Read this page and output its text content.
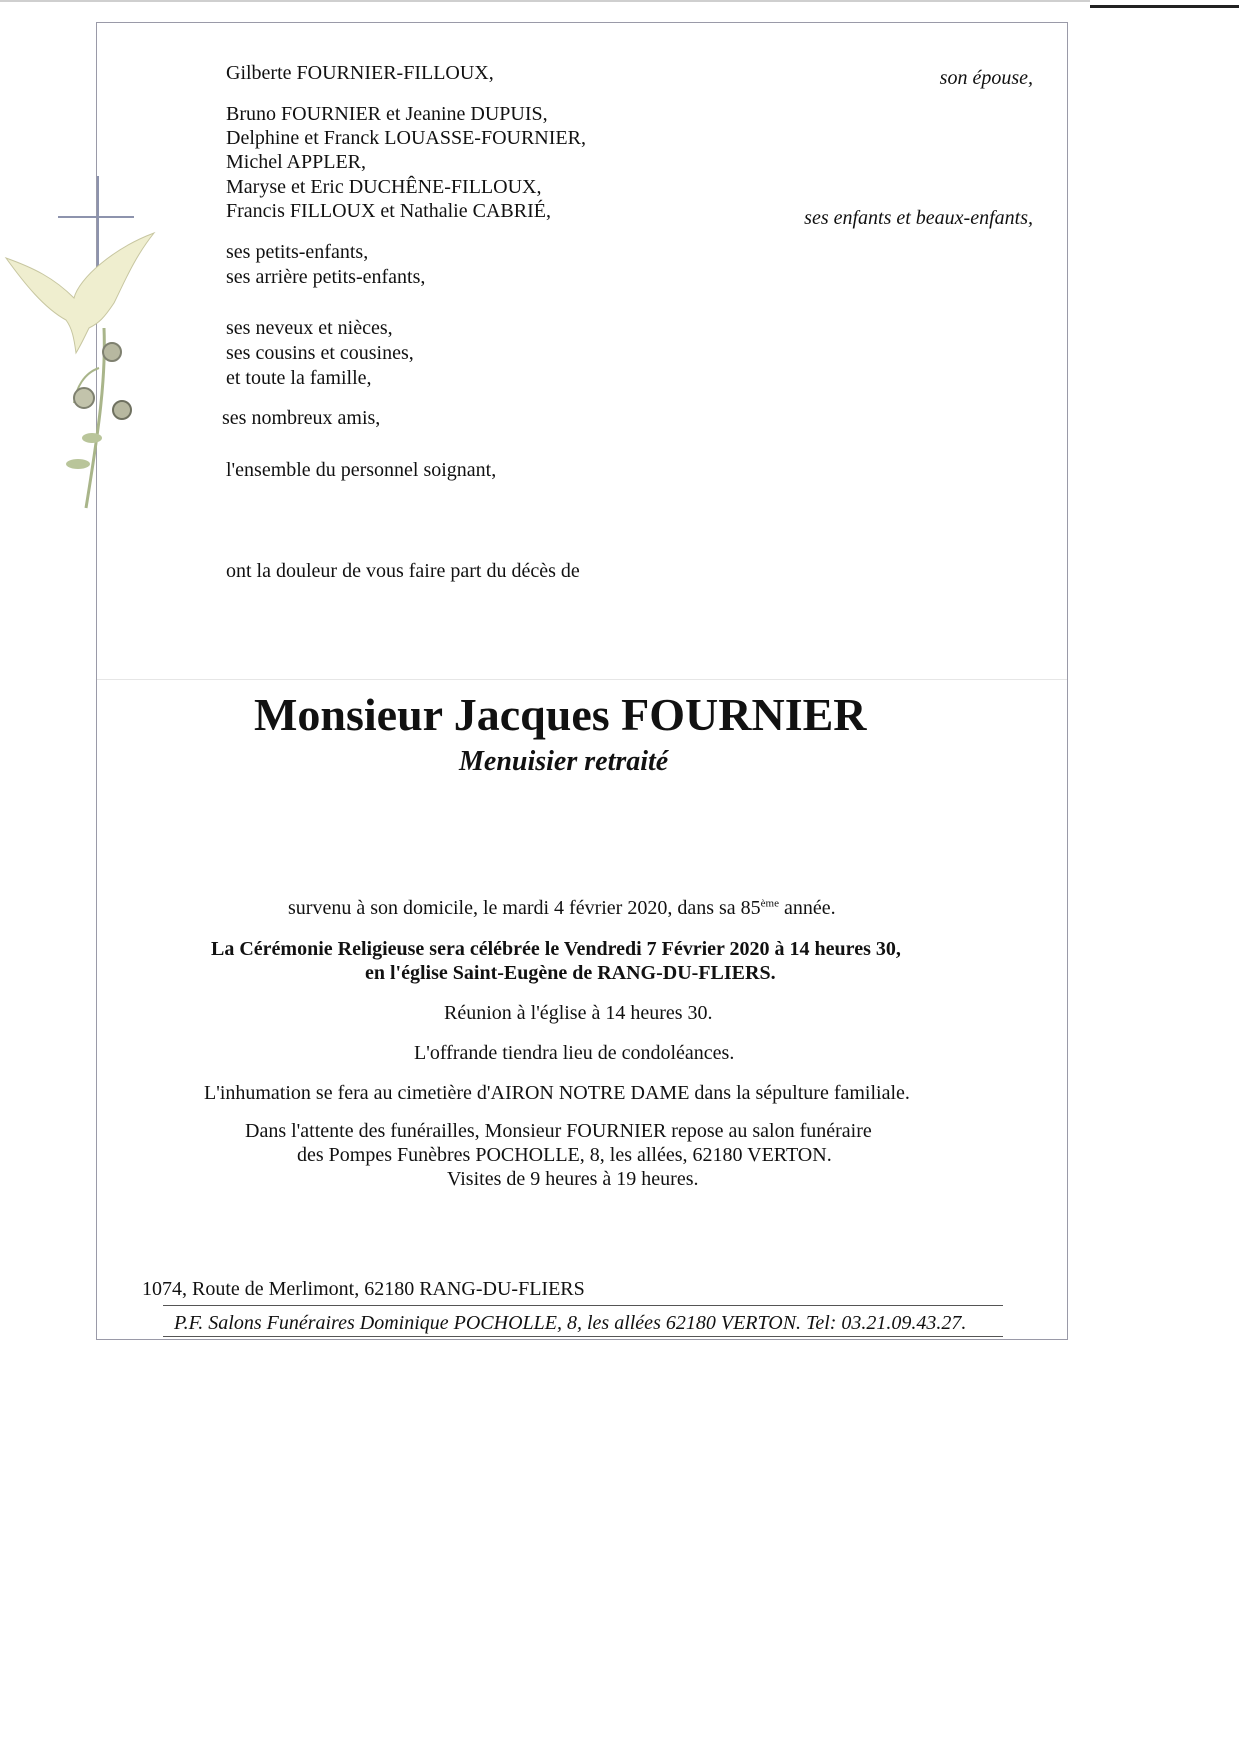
Gilberte FOURNIER-FILLOUX,	son épouse,
Bruno FOURNIER et Jeanine DUPUIS,
Delphine et Franck LOUASSE-FOURNIER,
Michel APPLER,
Maryse et Eric DUCHÊNE-FILLOUX,
Francis FILLOUX et Nathalie CABRIÉ,	ses enfants et beaux-enfants,
ses petits-enfants,
ses arrière petits-enfants,
ses neveux et nièces,
ses cousins et cousines,
et toute la famille,
ses nombreux amis,
l'ensemble du personnel soignant,
ont la douleur de vous faire part du décès de
Monsieur Jacques FOURNIER
Menuisier retraité
survenu à son domicile, le mardi 4 février 2020, dans sa 85ème année.
La Cérémonie Religieuse sera célébrée le Vendredi 7 Février 2020 à 14 heures 30,
en l'église Saint-Eugène de RANG-DU-FLIERS.
Réunion à l'église à 14 heures 30.
L'offrande tiendra lieu de condoléances.
L'inhumation se fera au cimetière d'AIRON NOTRE DAME dans la sépulture familiale.
Dans l'attente des funérailles, Monsieur FOURNIER repose au salon funéraire
des Pompes Funèbres POCHOLLE, 8, les allées, 62180 VERTON.
Visites de 9 heures à 19 heures.
1074, Route de Merlimont, 62180 RANG-DU-FLIERS
P.F. Salons Funéraires Dominique POCHOLLE, 8, les allées 62180 VERTON. Tel: 03.21.09.43.27.
